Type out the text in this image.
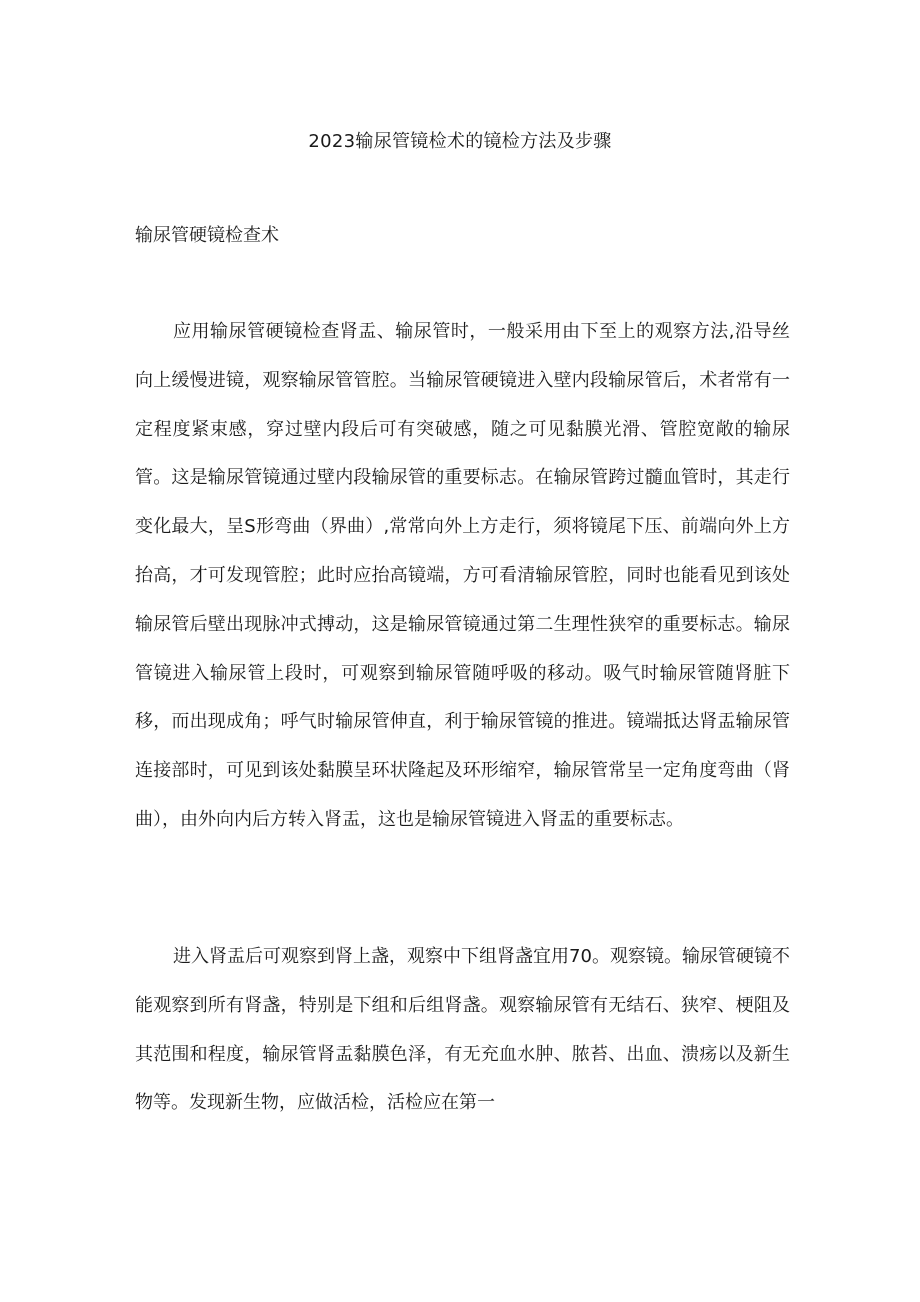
2023输尿管镜检术的镜检方法及步骤
输尿管硬镜检查术

应用输尿管硬镜检查肾盂、输尿管时，一般采用由下至上的观察方法,沿导丝向上缓慢进镜，观察输尿管管腔。当输尿管硬镜进入壁内段输尿管后，术者常有一定程度紧束感，穿过壁内段后可有突破感，随之可见黏膜光滑、管腔宽敞的输尿管。这是输尿管镜通过壁内段输尿管的重要标志。在输尿管跨过髓血管时，其走行变化最大，呈S形弯曲（界曲）,常常向外上方走行，须将镜尾下压、前端向外上方抬高，才可发现管腔；此时应抬高镜端，方可看清输尿管腔，同时也能看见到该处输尿管后壁出现脉冲式搏动，这是输尿管镜通过第二生理性狭窄的重要标志。输尿管镜进入输尿管上段时，可观察到输尿管随呼吸的移动。吸气时输尿管随肾脏下移，而出现成角；呼气时输尿管伸直，利于输尿管镜的推进。镜端抵达肾盂输尿管连接部时，可见到该处黏膜呈环状隆起及环形缩窄，输尿管常呈一定角度弯曲（肾曲），由外向内后方转入肾盂，这也是输尿管镜进入肾盂的重要标志。

进入肾盂后可观察到肾上盏，观察中下组肾盏宜用70。观察镜。输尿管硬镜不能观察到所有肾盏，特别是下组和后组肾盏。观察输尿管有无结石、狭窄、梗阻及其范围和程度，输尿管肾盂黏膜色泽，有无充血水肿、脓苔、出血、溃疡以及新生物等。发现新生物，应做活检，活检应在第一
